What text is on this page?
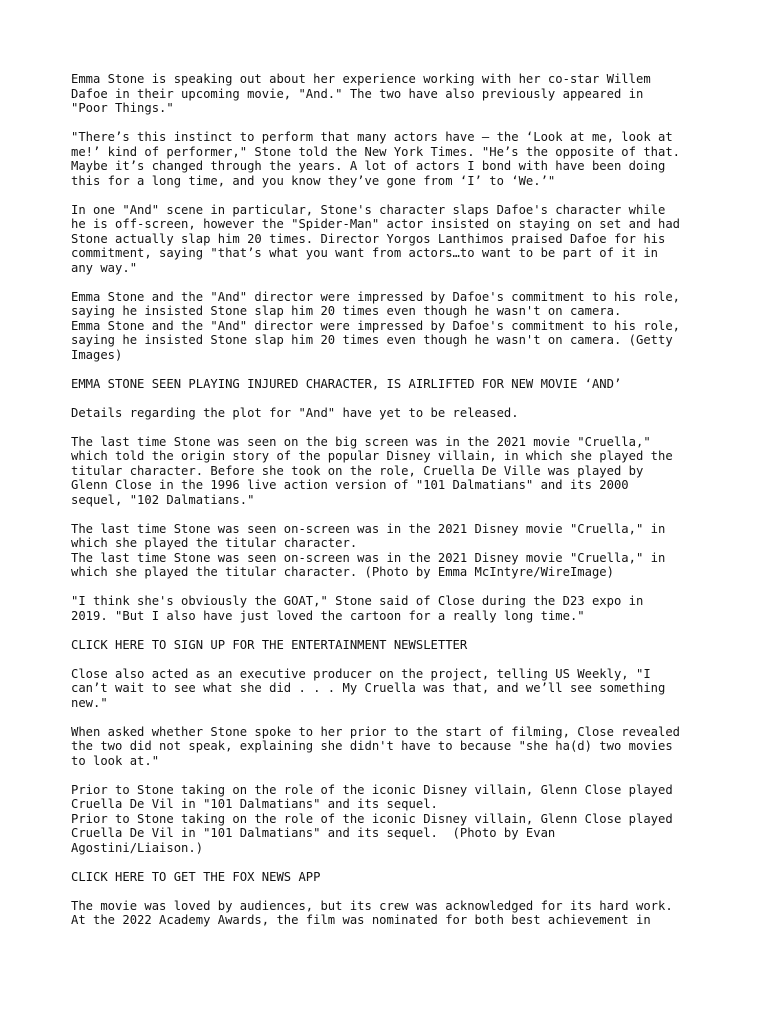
Emma Stone is speaking out about her experience working with her co-star Willem
Dafoe in their upcoming movie, "And." The two have also previously appeared in
"Poor Things."

"There’s this instinct to perform that many actors have — the ‘Look at me, look at
me!’ kind of performer," Stone told the New York Times. "He’s the opposite of that.
Maybe it’s changed through the years. A lot of actors I bond with have been doing
this for a long time, and you know they’ve gone from ‘I’ to ‘We.’"

In one "And" scene in particular, Stone's character slaps Dafoe's character while
he is off-screen, however the "Spider-Man" actor insisted on staying on set and had
Stone actually slap him 20 times. Director Yorgos Lanthimos praised Dafoe for his
commitment, saying "that’s what you want from actors…to want to be part of it in
any way."

Emma Stone and the "And" director were impressed by Dafoe's commitment to his role,
saying he insisted Stone slap him 20 times even though he wasn't on camera.
Emma Stone and the "And" director were impressed by Dafoe's commitment to his role,
saying he insisted Stone slap him 20 times even though he wasn't on camera. (Getty
Images)

EMMA STONE SEEN PLAYING INJURED CHARACTER, IS AIRLIFTED FOR NEW MOVIE ‘AND’

Details regarding the plot for "And" have yet to be released.

The last time Stone was seen on the big screen was in the 2021 movie "Cruella,"
which told the origin story of the popular Disney villain, in which she played the
titular character. Before she took on the role, Cruella De Ville was played by
Glenn Close in the 1996 live action version of "101 Dalmatians" and its 2000
sequel, "102 Dalmatians."

The last time Stone was seen on-screen was in the 2021 Disney movie "Cruella," in
which she played the titular character.
The last time Stone was seen on-screen was in the 2021 Disney movie "Cruella," in
which she played the titular character. (Photo by Emma McIntyre/WireImage)

"I think she's obviously the GOAT," Stone said of Close during the D23 expo in
2019. "But I also have just loved the cartoon for a really long time."

CLICK HERE TO SIGN UP FOR THE ENTERTAINMENT NEWSLETTER

Close also acted as an executive producer on the project, telling US Weekly, "I
can’t wait to see what she did . . . My Cruella was that, and we’ll see something
new."

When asked whether Stone spoke to her prior to the start of filming, Close revealed
the two did not speak, explaining she didn't have to because "she ha(d) two movies
to look at."

Prior to Stone taking on the role of the iconic Disney villain, Glenn Close played
Cruella De Vil in "101 Dalmatians" and its sequel.
Prior to Stone taking on the role of the iconic Disney villain, Glenn Close played
Cruella De Vil in "101 Dalmatians" and its sequel.  (Photo by Evan
Agostini/Liaison.)

CLICK HERE TO GET THE FOX NEWS APP

The movie was loved by audiences, but its crew was acknowledged for its hard work.
At the 2022 Academy Awards, the film was nominated for both best achievement in
